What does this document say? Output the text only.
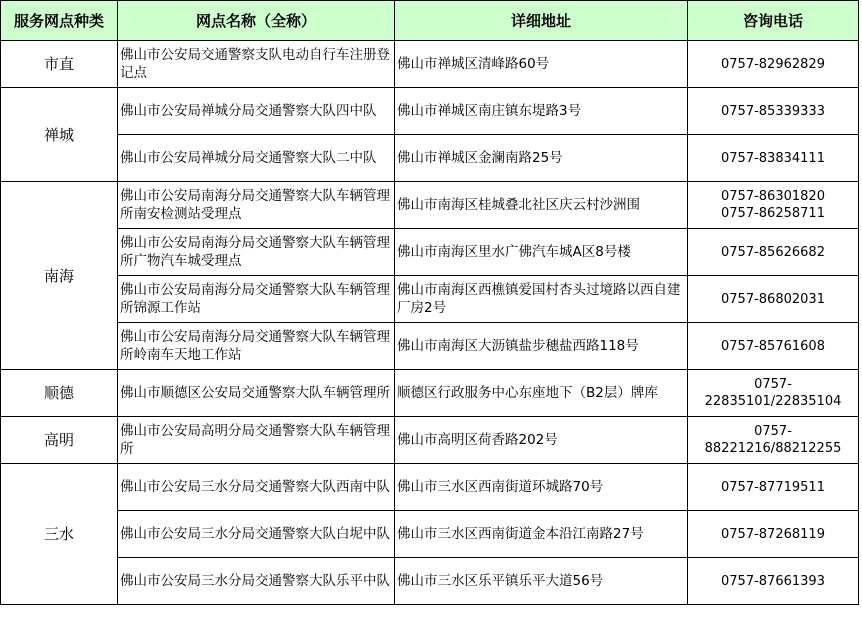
服务网点种类	网点名称（全称）	详细地址	咨询电话
市直	佛山市公安局交通警察支队电动自行车注册登记点	佛山市禅城区清峰路60号	0757-82962829

禅城	佛山市公安局禅城分局交通警察大队四中队	佛山市禅城区南庄镇东堤路3号	0757-85339333

	佛山市公安局禅城分局交通警察大队二中队	佛山市禅城区金澜南路25号	0757-83834111

南海	佛山市公安局南海分局交通警察大队车辆管理所南安检测站受理点	佛山市南海区桂城叠北社区庆云村沙洲围	0757-86301820
0757-86258711

	佛山市公安局南海分局交通警察大队车辆管理所广物汽车城受理点	佛山市南海区里水广佛汽车城A区8号楼	0757-85626682

	佛山市公安局南海分局交通警察大队车辆管理所锦源工作站	佛山市南海区西樵镇爱国村杏头过境路以西自建厂房2号	0757-86802031

	佛山市公安局南海分局交通警察大队车辆管理所岭南车天地工作站	佛山市南海区大沥镇盐步穗盐西路118号	0757-85761608

顺德	佛山市顺德区公安局交通警察大队车辆管理所	顺德区行政服务中心东座地下（B2层）牌库	0757-
22835101/22835104

高明	佛山市公安局高明分局交通警察大队车辆管理所	佛山市高明区荷香路202号	0757-
88221216/88212255

三水	佛山市公安局三水分局交通警察大队西南中队	佛山市三水区西南街道环城路70号	0757-87719511

	佛山市公安局三水分局交通警察大队白坭中队	佛山市三水区西南街道金本沿江南路27号	0757-87268119

	佛山市公安局三水分局交通警察大队乐平中队	佛山市三水区乐平镇乐平大道56号	0757-87661393
